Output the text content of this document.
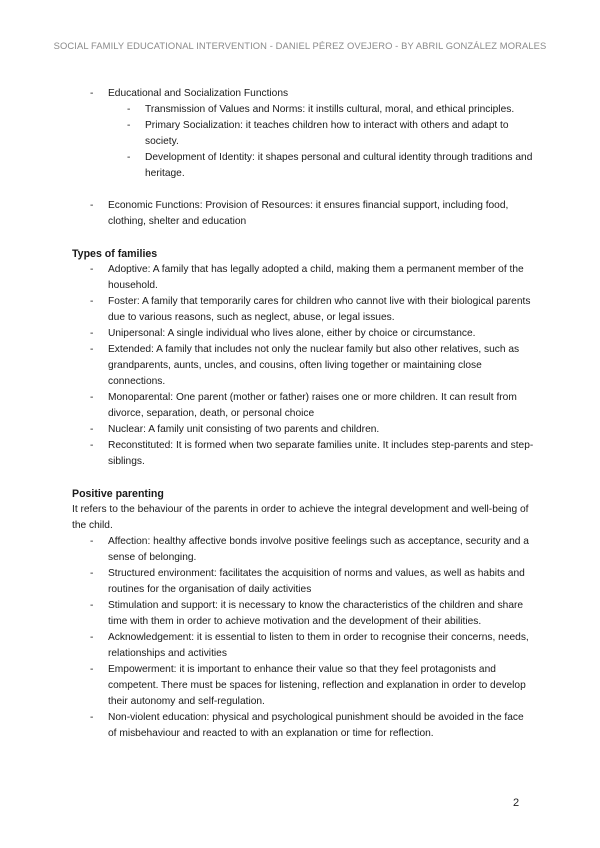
SOCIAL FAMILY EDUCATIONAL INTERVENTION - DANIEL PÉREZ OVEJERO - BY ABRIL GONZÁLEZ MORALES
- Educational and Socialization Functions
- Transmission of Values and Norms: it instills cultural, moral, and ethical principles.
- Primary Socialization: it teaches children how to interact with others and adapt to society.
- Development of Identity: it shapes personal and cultural identity through traditions and heritage.
- Economic Functions: Provision of Resources: it ensures financial support, including food, clothing, shelter and education
Types of families
- Adoptive: A family that has legally adopted a child, making them a permanent member of the household.
- Foster: A family that temporarily cares for children who cannot live with their biological parents due to various reasons, such as neglect, abuse, or legal issues.
- Unipersonal: A single individual who lives alone, either by choice or circumstance.
- Extended: A family that includes not only the nuclear family but also other relatives, such as grandparents, aunts, uncles, and cousins, often living together or maintaining close connections.
- Monoparental: One parent (mother or father) raises one or more children. It can result from divorce, separation, death, or personal choice
- Nuclear: A family unit consisting of two parents and children.
- Reconstituted: It is formed when two separate families unite. It includes step-parents and step-siblings.
Positive parenting

It refers to the behaviour of the parents in order to achieve the integral development and well-being of the child.

- Affection: healthy affective bonds involve positive feelings such as acceptance, security and a sense of belonging.
- Structured environment: facilitates the acquisition of norms and values, as well as habits and routines for the organisation of daily activities
- Stimulation and support: it is necessary to know the characteristics of the children and share time with them in order to achieve motivation and the development of their abilities.
- Acknowledgement: it is essential to listen to them in order to recognise their concerns, needs, relationships and activities
- Empowerment: it is important to enhance their value so that they feel protagonists and competent. There must be spaces for listening, reflection and explanation in order to develop their autonomy and self-regulation.
- Non-violent education: physical and psychological punishment should be avoided in the face of misbehaviour and reacted to with an explanation or time for reflection.
2
